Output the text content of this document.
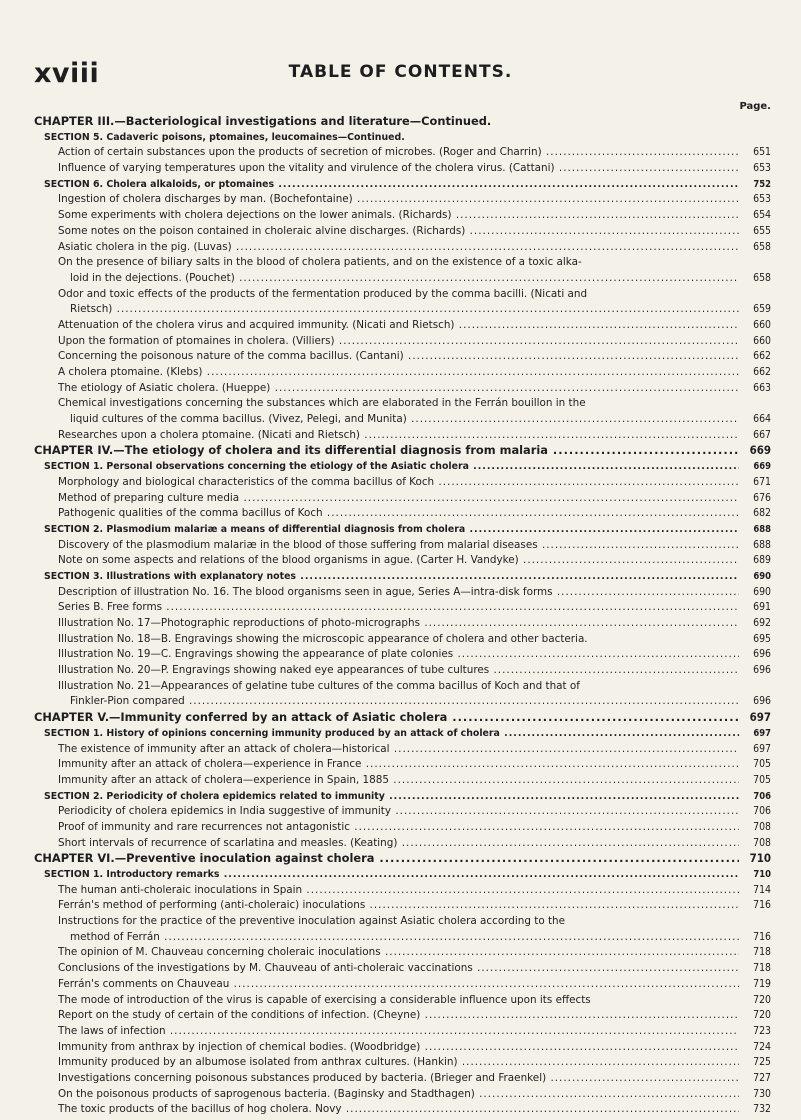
xviii	TABLE OF CONTENTS.
Page.
CHAPTER III.—Bacteriological investigations and literature—Continued.
SECTION 5. Cadaveric poisons, ptomaines, leucomaines—Continued.
Action of certain substances upon the products of secretion of microbes. (Roger and Charrin) .....	651
Influence of varying temperatures upon the vitality and virulence of the cholera virus. (Cattani) .....	653
SECTION 6. Cholera alkaloids, or ptomaines .....	752
Ingestion of cholera discharges by man. (Bochefontaine) .....	653
Some experiments with cholera dejections on the lower animals. (Richards) .....	654
Some notes on the poison contained in choleraic alvine discharges. (Richards) .....	655
Asiatic cholera in the pig. (Luvas) .....	658
On the presence of biliary salts in the blood of cholera patients, and on the existence of a toxic alka-
loid in the dejections. (Pouchet) .....	658
Odor and toxic effects of the products of the fermentation produced by the comma bacilli. (Nicati and
Rietsch) .....	659
Attenuation of the cholera virus and acquired immunity. (Nicati and Rietsch) .....	660
Upon the formation of ptomaines in cholera. (Villiers) .....	660
Concerning the poisonous nature of the comma bacillus. (Cantani) .....	662
A cholera ptomaine. (Klebs) .....	662
The etiology of Asiatic cholera. (Hueppe) .....	663
Chemical investigations concerning the substances which are elaborated in the Ferrán bouillon in the
liquid cultures of the comma bacillus. (Vivez, Pelegi, and Munita) .....	664
Researches upon a cholera ptomaine. (Nicati and Rietsch) .....	667
CHAPTER IV.—The etiology of cholera and its differential diagnosis from malaria .....	669
SECTION 1. Personal observations concerning the etiology of the Asiatic cholera .....	669
Morphology and biological characteristics of the comma bacillus of Koch .....	671
Method of preparing culture media .....	676
Pathogenic qualities of the comma bacillus of Koch .....	682
SECTION 2. Plasmodium malariæ a means of differential diagnosis from cholera .....	688
Discovery of the plasmodium malariæ in the blood of those suffering from malarial diseases .....	688
Note on some aspects and relations of the blood organisms in ague. (Carter H. Vandyke) .....	689
SECTION 3. Illustrations with explanatory notes .....	690
Description of illustration No. 16. The blood organisms seen in ague, Series A—intra-disk forms .....	690
Series B. Free forms .....	691
Illustration No. 17—Photographic reproductions of photo-micrographs .....	692
Illustration No. 18—B. Engravings showing the microscopic appearance of cholera and other bacteria.	695
Illustration No. 19—C. Engravings showing the appearance of plate colonies .....	696
Illustration No. 20—P. Engravings showing naked eye appearances of tube cultures .....	696
Illustration No. 21—Appearances of gelatine tube cultures of the comma bacillus of Koch and that of
Finkler-Pion compared .....	696
CHAPTER V.—Immunity conferred by an attack of Asiatic cholera .....	697
SECTION 1. History of opinions concerning immunity produced by an attack of cholera .....	697
The existence of immunity after an attack of cholera—historical .....	697
Immunity after an attack of cholera—experience in France .....	705
Immunity after an attack of cholera—experience in Spain, 1885 .....	705
SECTION 2. Periodicity of cholera epidemics related to immunity .....	706
Periodicity of cholera epidemics in India suggestive of immunity .....	706
Proof of immunity and rare recurrences not antagonistic .....	708
Short intervals of recurrence of scarlatina and measles. (Keating) .....	708
CHAPTER VI.—Preventive inoculation against cholera .....	710
SECTION 1. Introductory remarks .....	710
The human anti-choleraic inoculations in Spain .....	714
Ferrán's method of performing (anti-choleraic) inoculations .....	716
Instructions for the practice of the preventive inoculation against Asiatic cholera according to the
method of Ferrán .....	716
The opinion of M. Chauveau concerning choleraic inoculations .....	718
Conclusions of the investigations by M. Chauveau of anti-choleraic vaccinations .....	718
Ferrán's comments on Chauveau .....	719
The mode of introduction of the virus is capable of exercising a considerable influence upon its effects	720
Report on the study of certain of the conditions of infection. (Cheyne) .....	720
The laws of infection .....	723
Immunity from anthrax by injection of chemical bodies. (Woodbridge) .....	724
Immunity produced by an albumose isolated from anthrax cultures. (Hankin) .....	725
Investigations concerning poisonous substances produced by bacteria. (Brieger and Fraenkel) .....	727
On the poisonous products of saprogenous bacteria. (Baginsky and Stadthagen) .....	730
The toxic products of the bacillus of hog cholera. Novy .....	732
